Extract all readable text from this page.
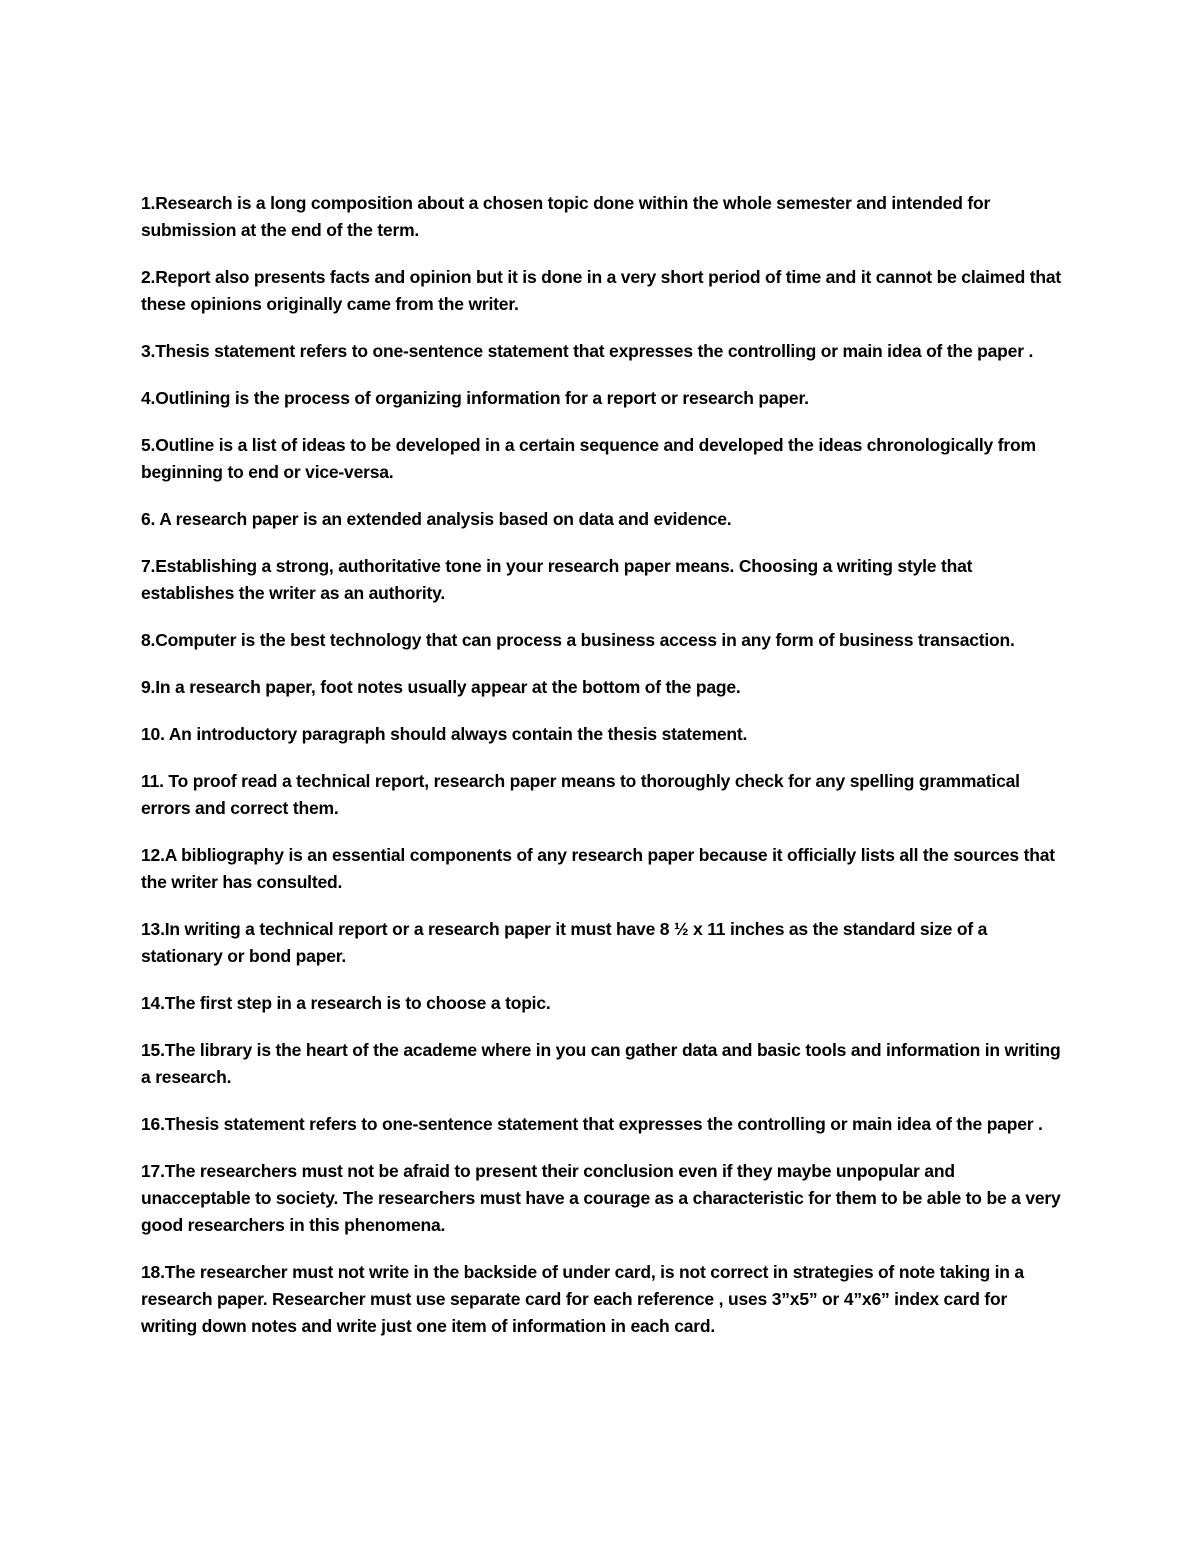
1.Research is a long composition about a chosen topic done within the whole semester and intended for submission at the end of the term.

2.Report also presents facts and opinion but it is done in a very short period of time and it cannot be claimed that these opinions originally came from the writer.

3.Thesis statement refers to one-sentence statement that expresses the controlling or main idea of the paper .

4.Outlining is the process of organizing information for a report or research paper.

5.Outline is a list of ideas to be developed in a certain sequence and developed the ideas chronologically from beginning to end or vice-versa.

6. A research paper is an extended analysis based on data and evidence.

7.Establishing a strong, authoritative tone in your research paper means. Choosing a writing style that establishes the writer as an authority.

8.Computer is the best technology that can process a business access in any form of business transaction.

9.In a research paper, foot notes usually appear at the bottom of the page.

10. An introductory paragraph should always contain the thesis statement.

11. To proof read a technical report, research paper means to thoroughly check for any spelling grammatical errors and correct them.

12.A bibliography is an essential components of any research paper because it officially lists all the sources that the writer has consulted.

13.In writing a technical report or a research paper it must have 8 ½ x 11 inches as the standard size of a stationary or bond paper.

14.The first step in a research is to choose a topic.

15.The library is the heart of the academe where in you can gather data and basic tools and information in writing a research.

16.Thesis statement refers to one-sentence statement that expresses the controlling or main idea of the paper .

17.The researchers must not be afraid to present their conclusion even if they maybe unpopular and unacceptable to society. The researchers must have a courage as a characteristic for them to be able to be a very good researchers in this phenomena.

18.The researcher must not write in the backside of under card, is not correct in strategies of note taking in a research paper. Researcher must use separate card for each reference , uses 3”x5” or 4”x6” index card for writing down notes and write just one item of information in each card.
